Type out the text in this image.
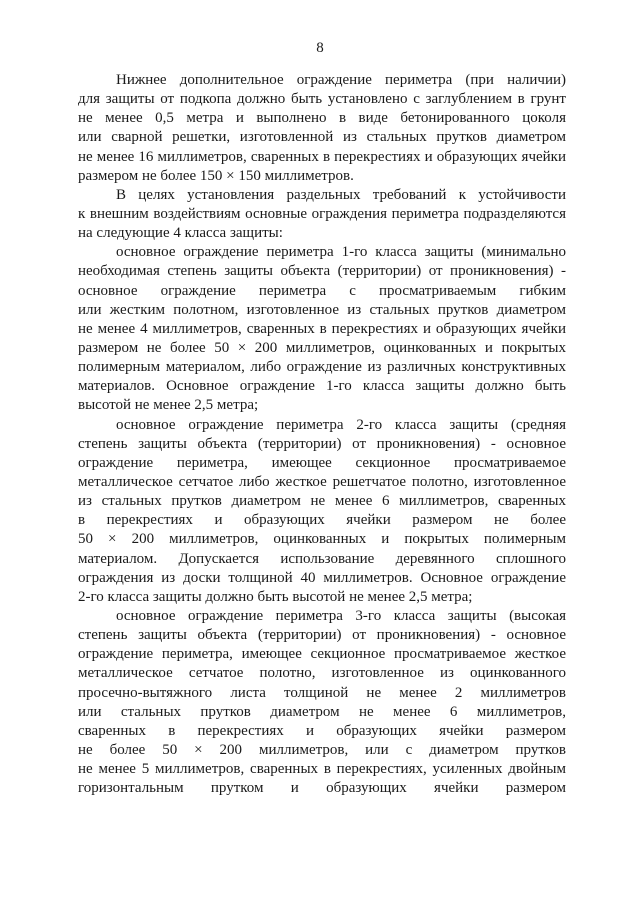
8
Нижнее дополнительное ограждение периметра (при наличии)
для защиты от подкопа должно быть установлено с заглублением в грунт
не менее 0,5 метра и выполнено в виде бетонированного цоколя
или сварной решетки, изготовленной из стальных прутков диаметром
не менее 16 миллиметров, сваренных в перекрестиях и образующих ячейки
размером не более 150 × 150 миллиметров.
В целях установления раздельных требований к устойчивости
к внешним воздействиям основные ограждения периметра подразделяются
на следующие 4 класса защиты:
основное ограждение периметра 1-го класса защиты (минимально
необходимая степень защиты объекта (территории) от проникновения) -
основное ограждение периметра с просматриваемым гибким
или жестким полотном, изготовленное из стальных прутков диаметром
не менее 4 миллиметров, сваренных в перекрестиях и образующих ячейки
размером не более 50 × 200 миллиметров, оцинкованных и покрытых
полимерным материалом, либо ограждение из различных конструктивных
материалов. Основное ограждение 1-го класса защиты должно быть
высотой не менее 2,5 метра;
основное ограждение периметра 2-го класса защиты (средняя
степень защиты объекта (территории) от проникновения) - основное
ограждение периметра, имеющее секционное просматриваемое
металлическое сетчатое либо жесткое решетчатое полотно, изготовленное
из стальных прутков диаметром не менее 6 миллиметров, сваренных
в перекрестиях и образующих ячейки размером не более
50 × 200 миллиметров, оцинкованных и покрытых полимерным
материалом. Допускается использование деревянного сплошного
ограждения из доски толщиной 40 миллиметров. Основное ограждение
2-го класса защиты должно быть высотой не менее 2,5 метра;
основное ограждение периметра 3-го класса защиты (высокая
степень защиты объекта (территории) от проникновения) - основное
ограждение периметра, имеющее секционное просматриваемое жесткое
металлическое сетчатое полотно, изготовленное из оцинкованного
просечно-вытяжного листа толщиной не менее 2 миллиметров
или стальных прутков диаметром не менее 6 миллиметров,
сваренных в перекрестиях и образующих ячейки размером
не более 50 × 200 миллиметров, или с диаметром прутков
не менее 5 миллиметров, сваренных в перекрестиях, усиленных двойным
горизонтальным прутком и образующих ячейки размером
